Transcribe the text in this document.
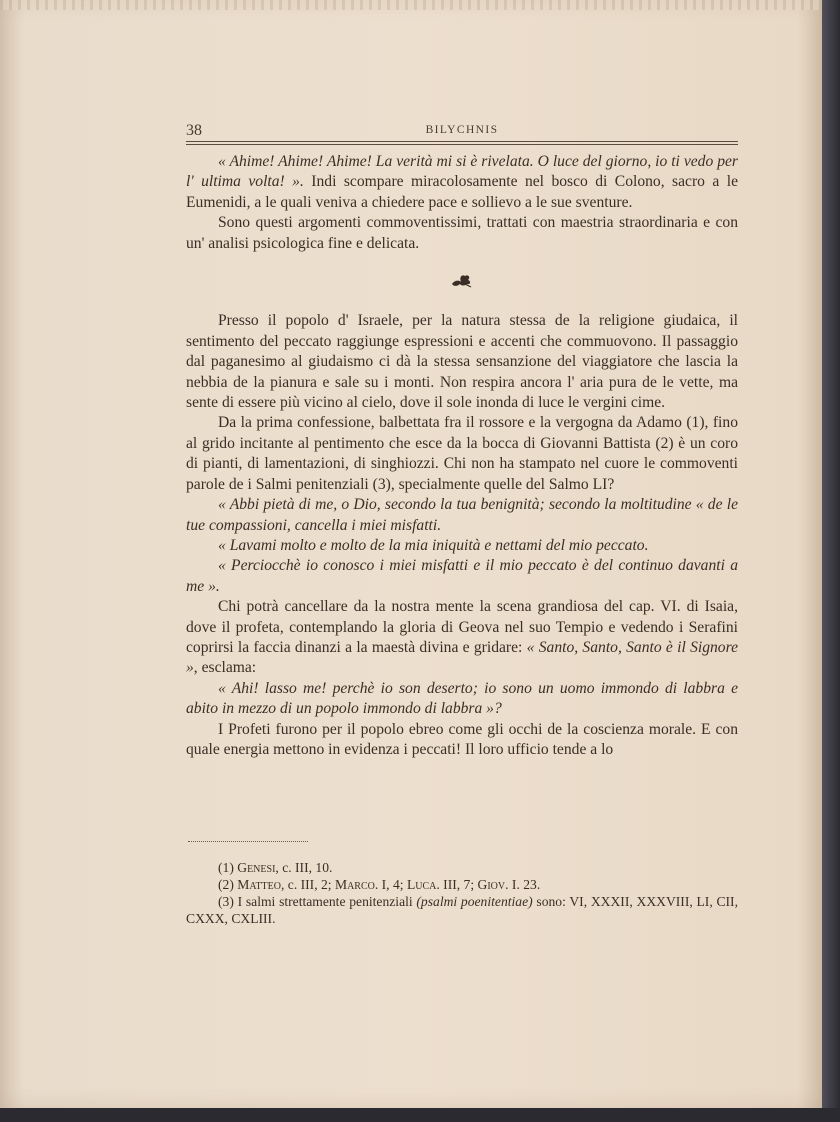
38	BILYCHNIS

« Ahime! Ahime! Ahime! La verità mi si è rivelata. O luce del giorno, io ti vedo per l' ultima volta! ». Indi scompare miracolosamente nel bosco di Colono, sacro a le Eumenidi, a le quali veniva a chiedere pace e sollievo a le sue sventure.

Sono questi argomenti commoventissimi, trattati con maestria straordinaria e con un' analisi psicologica fine e delicata.

Presso il popolo d' Israele, per la natura stessa de la religione giudaica, il sentimento del peccato raggiunge espressioni e accenti che commuovono. Il passaggio dal paganesimo al giudaismo ci dà la stessa sensanzione del viaggiatore che lascia la nebbia de la pianura e sale su i monti. Non respira ancora l' aria pura de le vette, ma sente di essere più vicino al cielo, dove il sole inonda di luce le vergini cime.

Da la prima confessione, balbettata fra il rossore e la vergogna da Adamo (1), fino al grido incitante al pentimento che esce da la bocca di Giovanni Battista (2) è un coro di pianti, di lamentazioni, di singhiozzi. Chi non ha stampato nel cuore le commoventi parole de i Salmi penitenziali (3), specialmente quelle del Salmo LI?

« Abbi pietà di me, o Dio, secondo la tua benignità; secondo la moltitudine « de le tue compassioni, cancella i miei misfatti.

« Lavami molto e molto de la mia iniquità e nettami del mio peccato.

« Perciocchè io conosco i miei misfatti e il mio peccato è del continuo davanti a me ».

Chi potrà cancellare da la nostra mente la scena grandiosa del cap. VI. di Isaia, dove il profeta, contemplando la gloria di Geova nel suo Tempio e vedendo i Serafini coprirsi la faccia dinanzi a la maestà divina e gridare: « Santo, Santo, Santo è il Signore », esclama:

« Ahi! lasso me! perchè io son deserto; io sono un uomo immondo di labbra e abito in mezzo di un popolo immondo di labbra »?

I Profeti furono per il popolo ebreo come gli occhi de la coscienza morale. E con quale energia mettono in evidenza i peccati! Il loro ufficio tende a lo

(1) Genesi, c. III, 10.

(2) Matteo, c. III, 2; Marco. I, 4; Luca. III, 7; Giov. I. 23.

(3) I salmi strettamente penitenziali (psalmi poenitentiae) sono: VI, XXXII, XXXVIII, LI, CII, CXXX, CXLIII.
